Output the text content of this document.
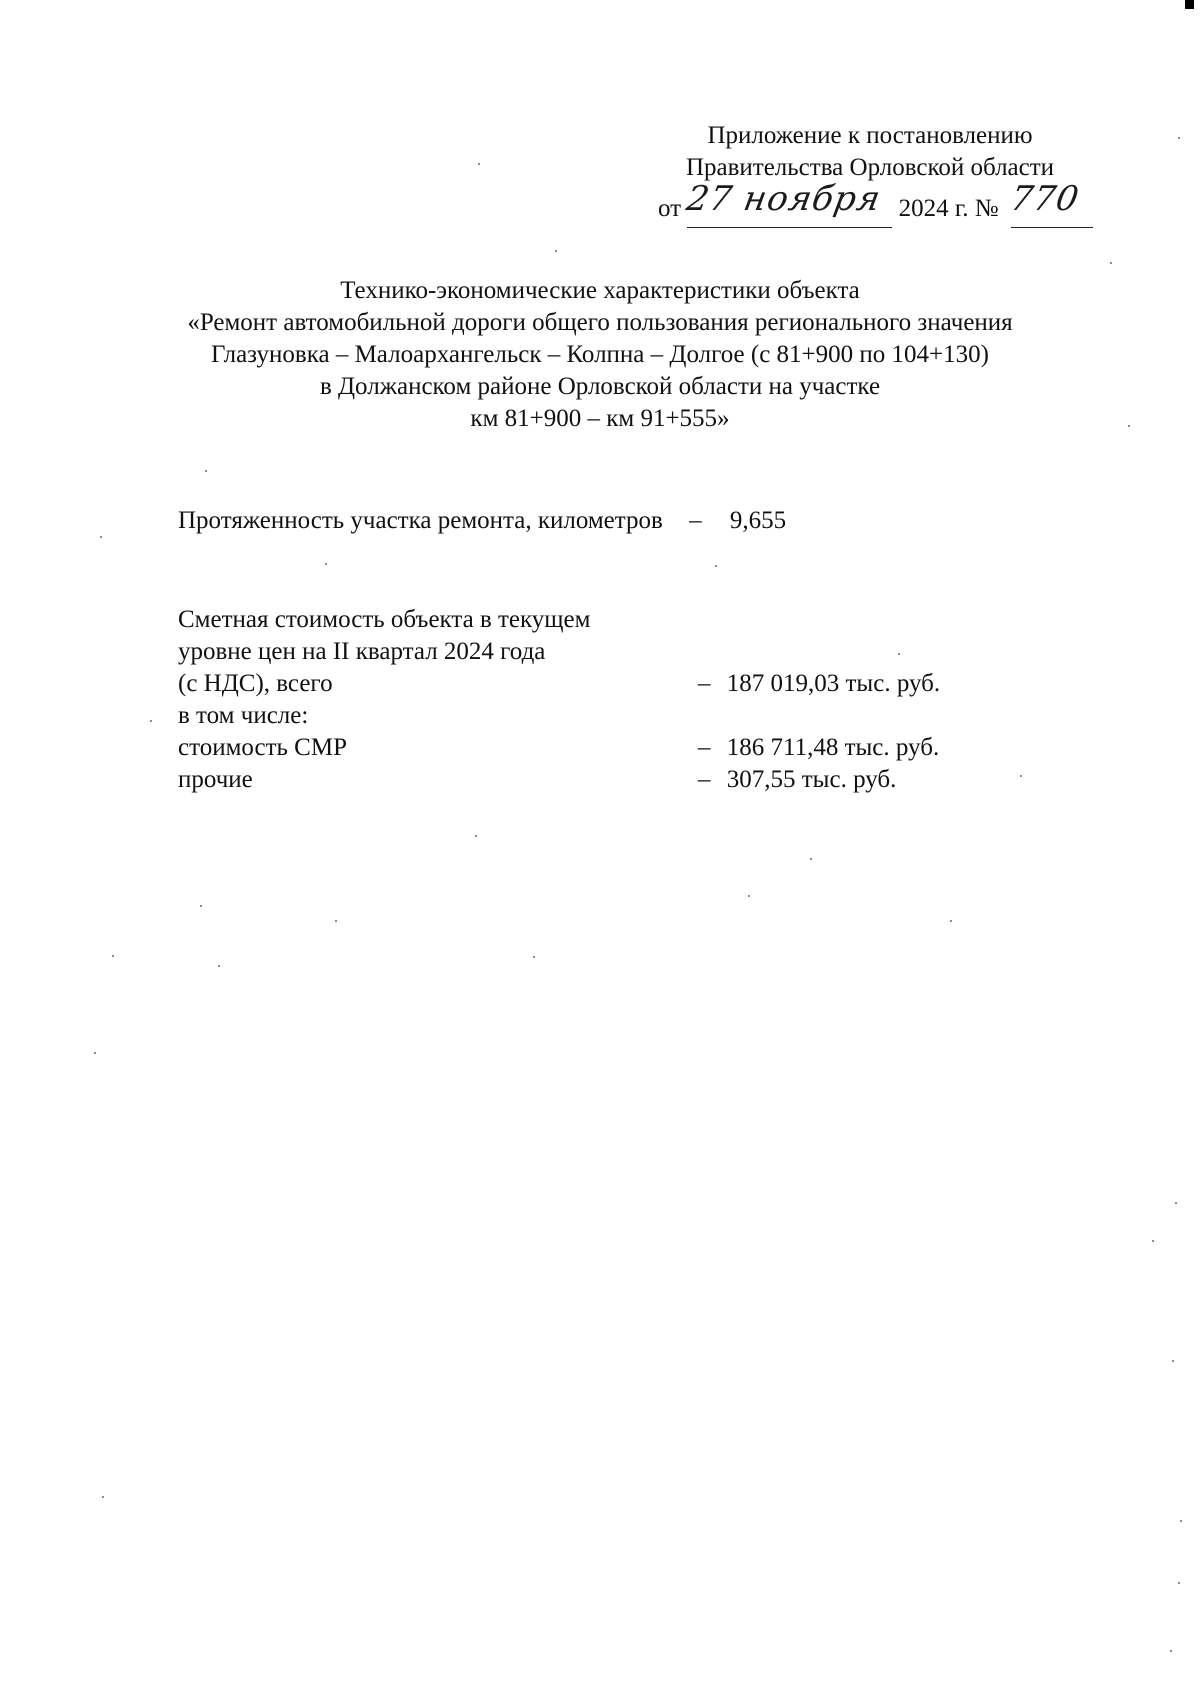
Приложение к постановлению
Правительства Орловской области
от 27 ноября 2024 г. № 770
Технико-экономические характеристики объекта
«Ремонт автомобильной дороги общего пользования регионального значения
Глазуновка – Малоархангельск – Колпна – Долгое (с 81+900 по 104+130)
в Должанском районе Орловской области на участке
км 81+900 – км 91+555»
Протяженность участка ремонта, километров – 9,655
Сметная стоимость объекта в текущем
уровне цен на II квартал 2024 года
(с НДС), всего	– 187 019,03 тыс. руб.
в том числе:
стоимость СМР	– 186 711,48 тыс. руб.
прочие	– 307,55 тыс. руб.
